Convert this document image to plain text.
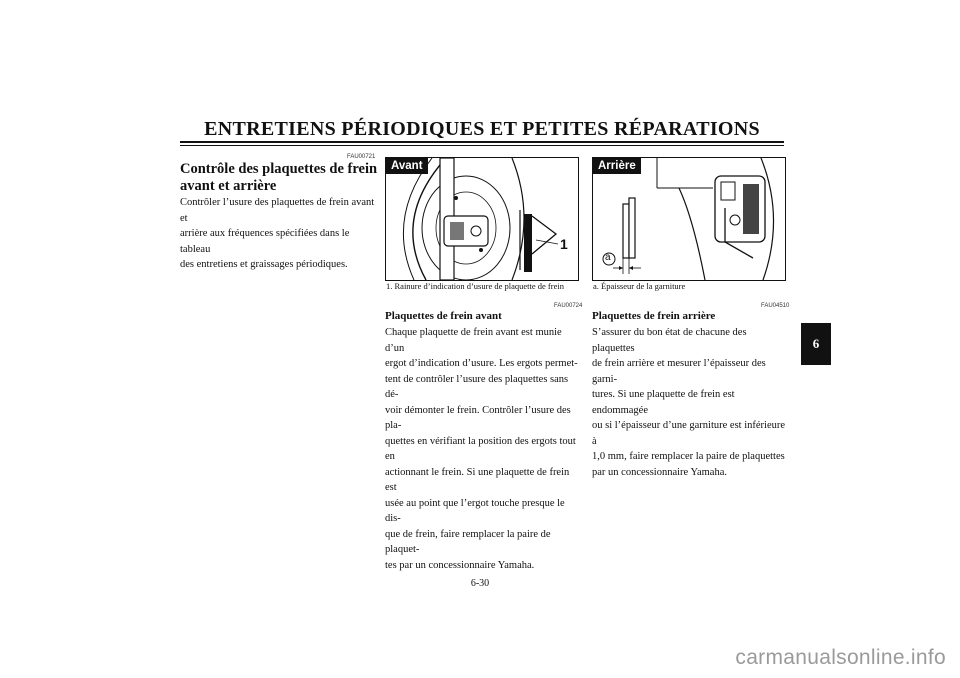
ENTRETIENS PÉRIODIQUES ET PETITES RÉPARATIONS
FAU00721
Contrôle des plaquettes de frein
avant et arrière
Contrôler l’usure des plaquettes de frein avant et
arrière aux fréquences spécifiées dans le tableau
des entretiens et graissages périodiques.
Avant
1
1. Rainure d’indication d’usure de plaquette de frein
FAU00724
Plaquettes de frein avant
Chaque plaquette de frein avant est munie d’un
ergot d’indication d’usure. Les ergots permet-
tent de contrôler l’usure des plaquettes sans dé-
voir démonter le frein. Contrôler l’usure des pla-
quettes en vérifiant la position des ergots tout en
actionnant le frein. Si une plaquette de frein est
usée au point que l’ergot touche presque le dis-
que de frein, faire remplacer la paire de plaquet-
tes par un concessionnaire Yamaha.
Arrière
a
a. Épaisseur de la garniture
FAU04510
Plaquettes de frein arrière
S’assurer du bon état de chacune des plaquettes
de frein arrière et mesurer l’épaisseur des garni-
tures. Si une plaquette de frein est endommagée
ou si l’épaisseur d’une garniture est inférieure à
1,0 mm, faire remplacer la paire de plaquettes
par un concessionnaire Yamaha.
6
6-30
carmanualsonline.info
